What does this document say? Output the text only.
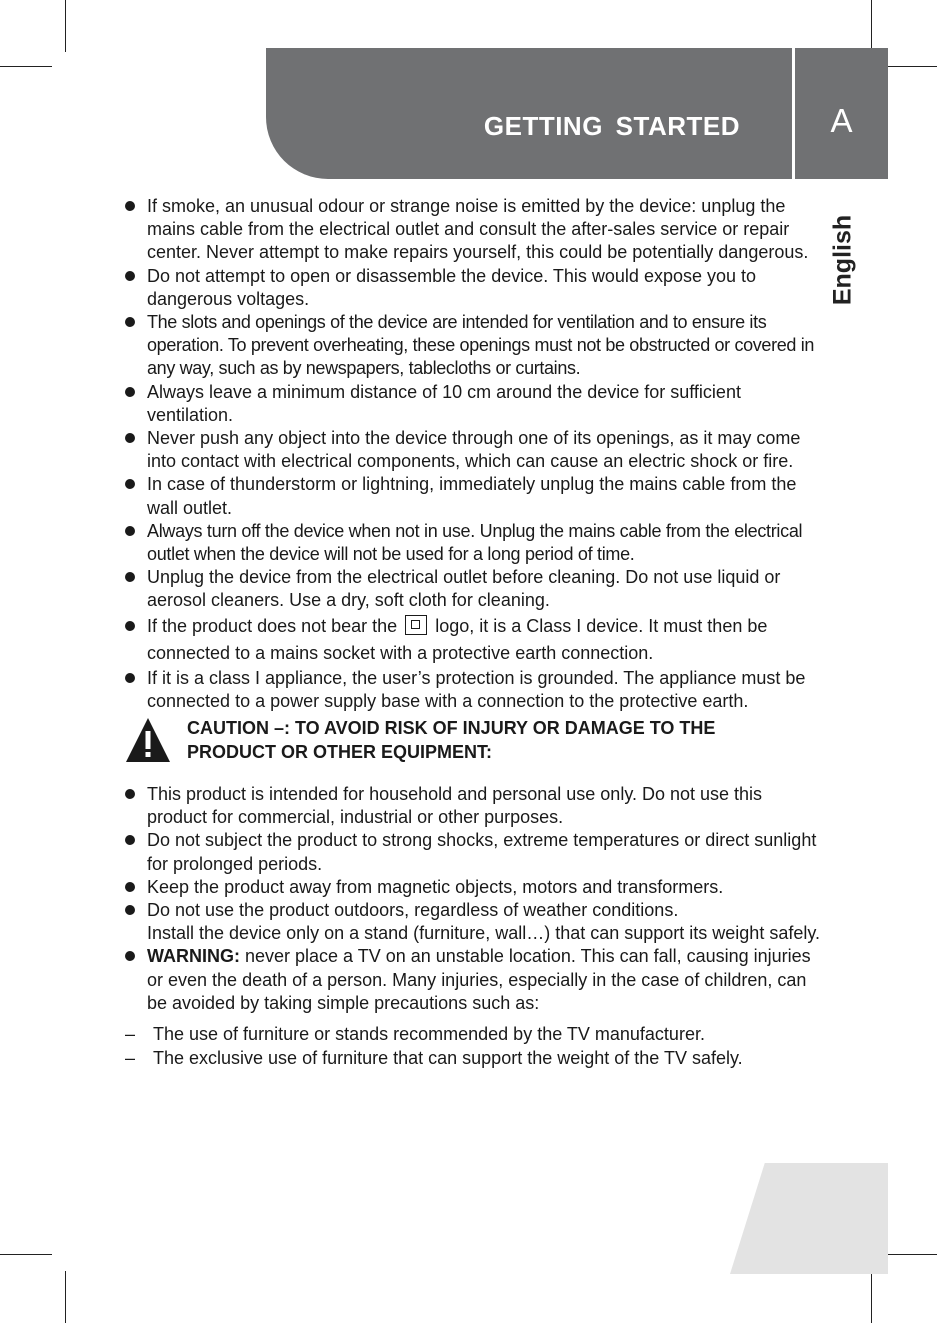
GETTING STARTED	A
English
If smoke, an unusual odour or strange noise is emitted by the device: unplug the mains cable from the electrical outlet and consult the after-sales service or repair center. Never attempt to make repairs yourself, this could be potentially dangerous.
Do not attempt to open or disassemble the device. This would expose you to dangerous voltages.
The slots and openings of the device are intended for ventilation and to ensure its operation. To prevent overheating, these openings must not be obstructed or covered in any way, such as by newspapers, tablecloths or curtains.
Always leave a minimum distance of 10 cm around the device for sufficient ventilation.
Never push any object into the device through one of its openings, as it may come into contact with electrical components, which can cause an electric shock or fire.
In case of thunderstorm or lightning, immediately unplug the mains cable from the wall outlet.
Always turn off the device when not in use. Unplug the mains cable from the electrical outlet when the device will not be used for a long period of time.
Unplug the device from the electrical outlet before cleaning. Do not use liquid or aerosol cleaners. Use a dry, soft cloth for cleaning.
If the product does not bear the logo, it is a Class I device. It must then be connected to a mains socket with a protective earth connection.
If it is a class I appliance, the user’s protection is grounded. The appliance must be connected to a power supply base with a connection to the protective earth.
CAUTION –: TO AVOID RISK OF INJURY OR DAMAGE TO THE
PRODUCT OR OTHER EQUIPMENT:
This product is intended for household and personal use only. Do not use this product for commercial, industrial or other purposes.
Do not subject the product to strong shocks, extreme temperatures or direct sunlight for prolonged periods.
Keep the product away from magnetic objects, motors and transformers.
Do not use the product outdoors, regardless of weather conditions.
Install the device only on a stand (furniture, wall…) that can support its weight safely.
WARNING: never place a TV on an unstable location. This can fall, causing injuries or even the death of a person. Many injuries, especially in the case of children, can be avoided by taking simple precautions such as:
– The use of furniture or stands recommended by the TV manufacturer.
– The exclusive use of furniture that can support the weight of the TV safely.
